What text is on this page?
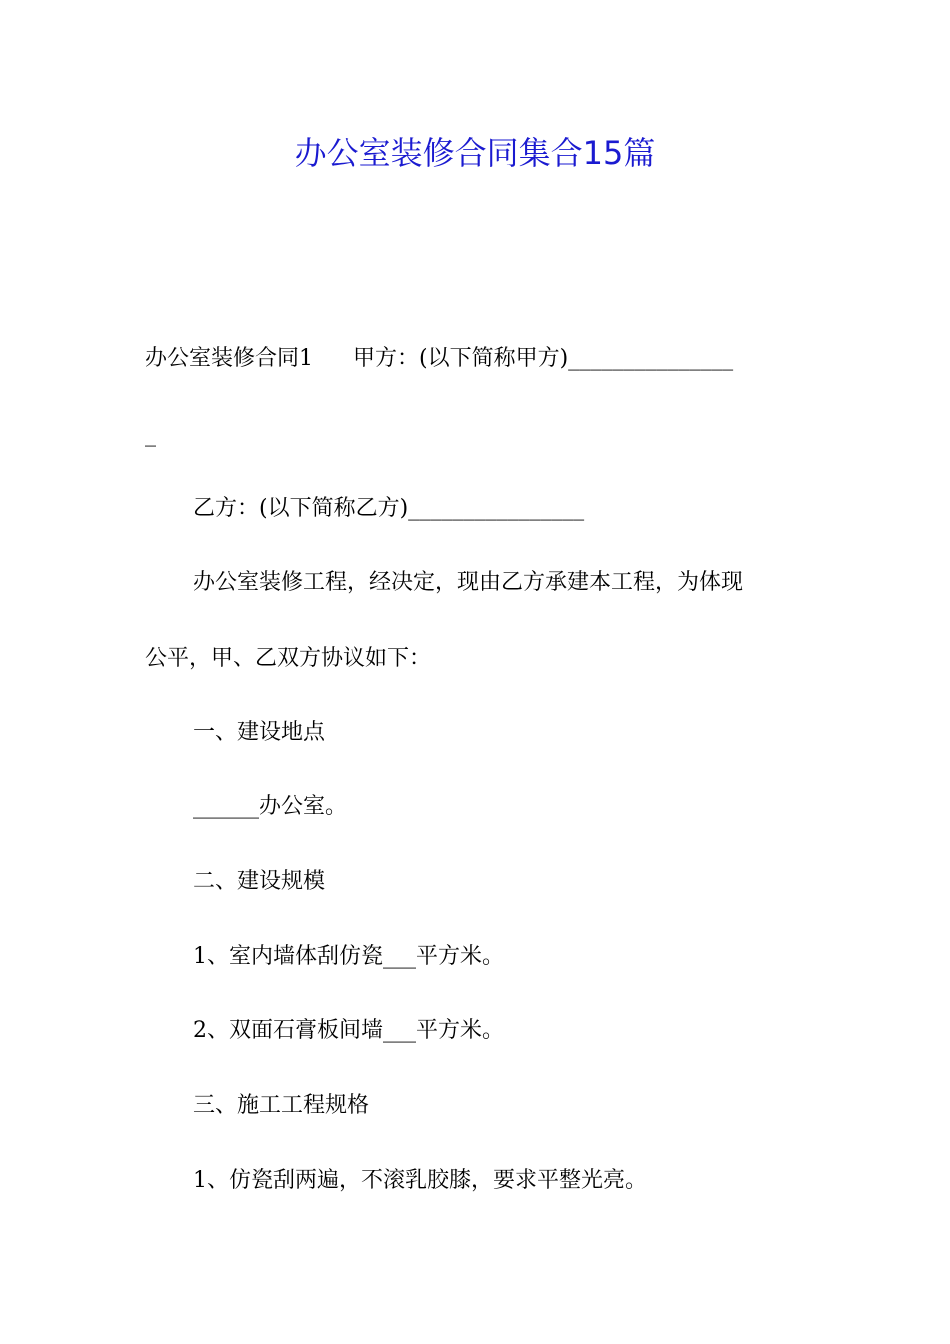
办公室装修合同集合15篇
办公室装修合同1 甲方：(以下简称甲方)_______________
_
乙方：(以下简称乙方)________________
办公室装修工程，经决定，现由乙方承建本工程，为体现
公平，甲、乙双方协议如下：
一、建设地点
______办公室。
二、建设规模
1、室内墙体刮仿瓷___平方米。
2、双面石膏板间墙___平方米。
三、施工工程规格
1、仿瓷刮两遍，不滚乳胶膝，要求平整光亮。
